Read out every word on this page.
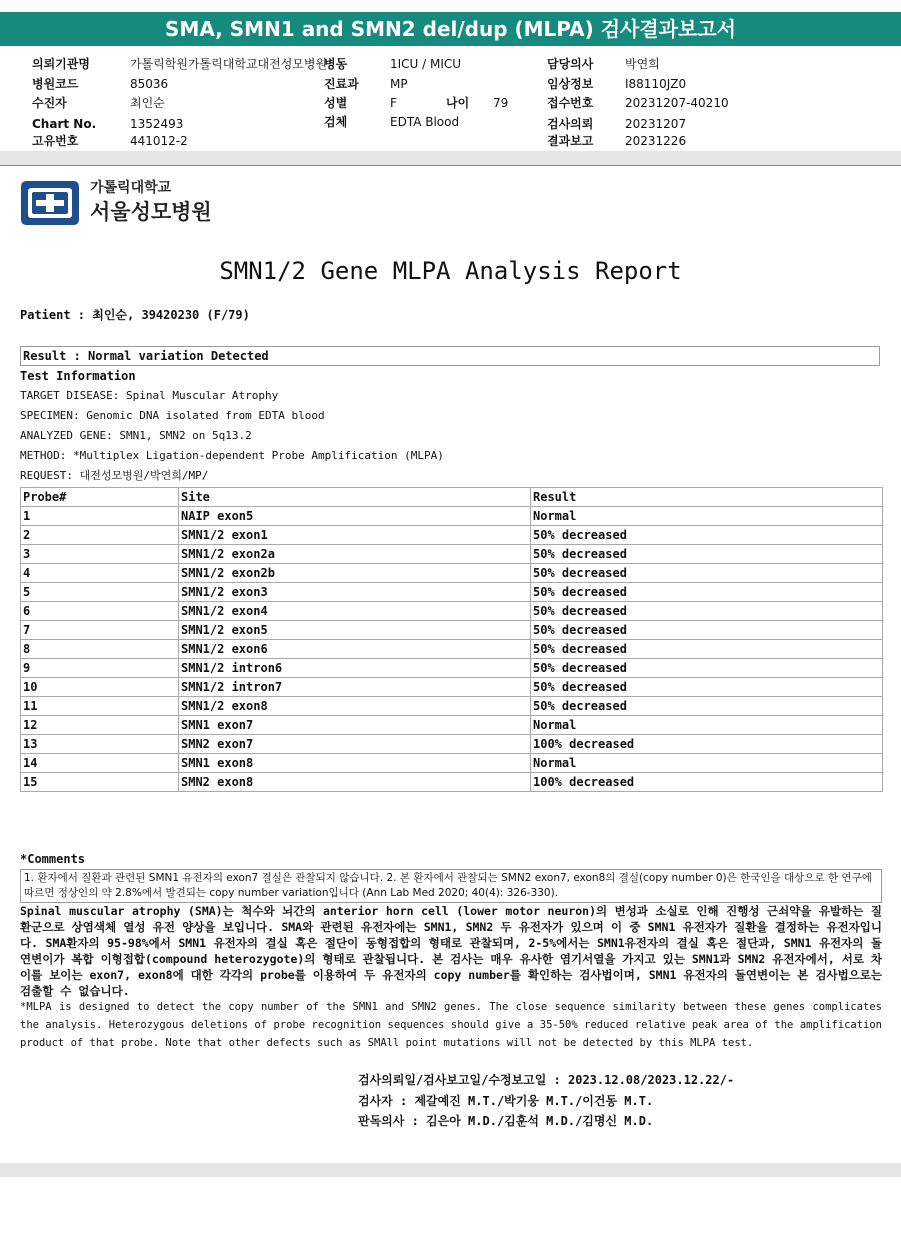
SMA, SMN1 and SMN2 del/dup (MLPA) 검사결과보고서
의뢰기관명	가톨릭학원가톨릭대학교대전성모병원
병원코드	85036
수진자	최인순
Chart No.	1352493
고유번호	441012-2
병동	1ICU / MICU
진료과	MP
성별	F	나이 79
검체	EDTA Blood
담당의사	박연희
임상정보	I88110JZ0
접수번호	20231207-40210
검사의뢰	20231207
결과보고	20231226
가톨릭대학교
서울성모병원
SMN1/2 Gene MLPA Analysis Report
Patient : 최인순, 39420230 (F/79)
Result : Normal variation Detected
Test Information
TARGET DISEASE: Spinal Muscular Atrophy
SPECIMEN: Genomic DNA isolated from EDTA blood
ANALYZED GENE: SMN1, SMN2 on 5q13.2
METHOD: *Multiplex Ligation-dependent Probe Amplification (MLPA)
REQUEST: 대전성모병원/박연희/MP/
Probe#	Site	Result
1	NAIP exon5	Normal
2	SMN1/2 exon1	50% decreased
3	SMN1/2 exon2a	50% decreased
4	SMN1/2 exon2b	50% decreased
5	SMN1/2 exon3	50% decreased
6	SMN1/2 exon4	50% decreased
7	SMN1/2 exon5	50% decreased
8	SMN1/2 exon6	50% decreased
9	SMN1/2 intron6	50% decreased
10	SMN1/2 intron7	50% decreased
11	SMN1/2 exon8	50% decreased
12	SMN1 exon7	Normal
13	SMN2 exon7	100% decreased
14	SMN1 exon8	Normal
15	SMN2 exon8	100% decreased
*Comments
1. 환자에서 질환과 관련된 SMN1 유전자의 exon7 결실은 관찰되지 않습니다. 2. 본 환자에서 관찰되는 SMN2 exon7, exon8의 결실(copy number 0)은 한국인을 대상으로 한 연구에 따르면 정상인의 약 2.8%에서 발견되는 copy number variation입니다 (Ann Lab Med 2020; 40(4): 326-330).
Spinal muscular atrophy (SMA)는 척수와 뇌간의 anterior horn cell (lower motor neuron)의 변성과 소실로 인해 진행성 근쇠약을 유발하는 질환군으로 상염색체 열성 유전 양상을 보입니다. SMA와 관련된 유전자에는 SMN1, SMN2 두 유전자가 있으며 이 중 SMN1 유전자가 질환을 결정하는 유전자입니다. SMA환자의 95-98%에서 SMN1 유전자의 결실 혹은 절단이 동형접합의 형태로 관찰되며, 2-5%에서는 SMN1유전자의 결실 혹은 절단과, SMN1 유전자의 돌연변이가 복합 이형접합(compound heterozygote)의 형태로 관찰됩니다. 본 검사는 매우 유사한 염기서열을 가지고 있는 SMN1과 SMN2 유전자에서, 서로 차이를 보이는 exon7, exon8에 대한 각각의 probe를 이용하여 두 유전자의 copy number를 확인하는 검사법이며, SMN1 유전자의 돌연변이는 본 검사법으로는 검출할 수 없습니다.
*MLPA is designed to detect the copy number of the SMN1 and SMN2 genes. The close sequence similarity between these genes complicates the analysis. Heterozygous deletions of probe recognition sequences should give a 35-50% reduced relative peak area of the amplification product of that probe. Note that other defects such as SMAll point mutations will not be detected by this MLPA test.
검사의뢰일/검사보고일/수정보고일 : 2023.12.08/2023.12.22/-
검사자 : 제갈예진 M.T./박기웅 M.T./이건동 M.T.
판독의사 : 김은아 M.D./김훈석 M.D./김명신 M.D.
